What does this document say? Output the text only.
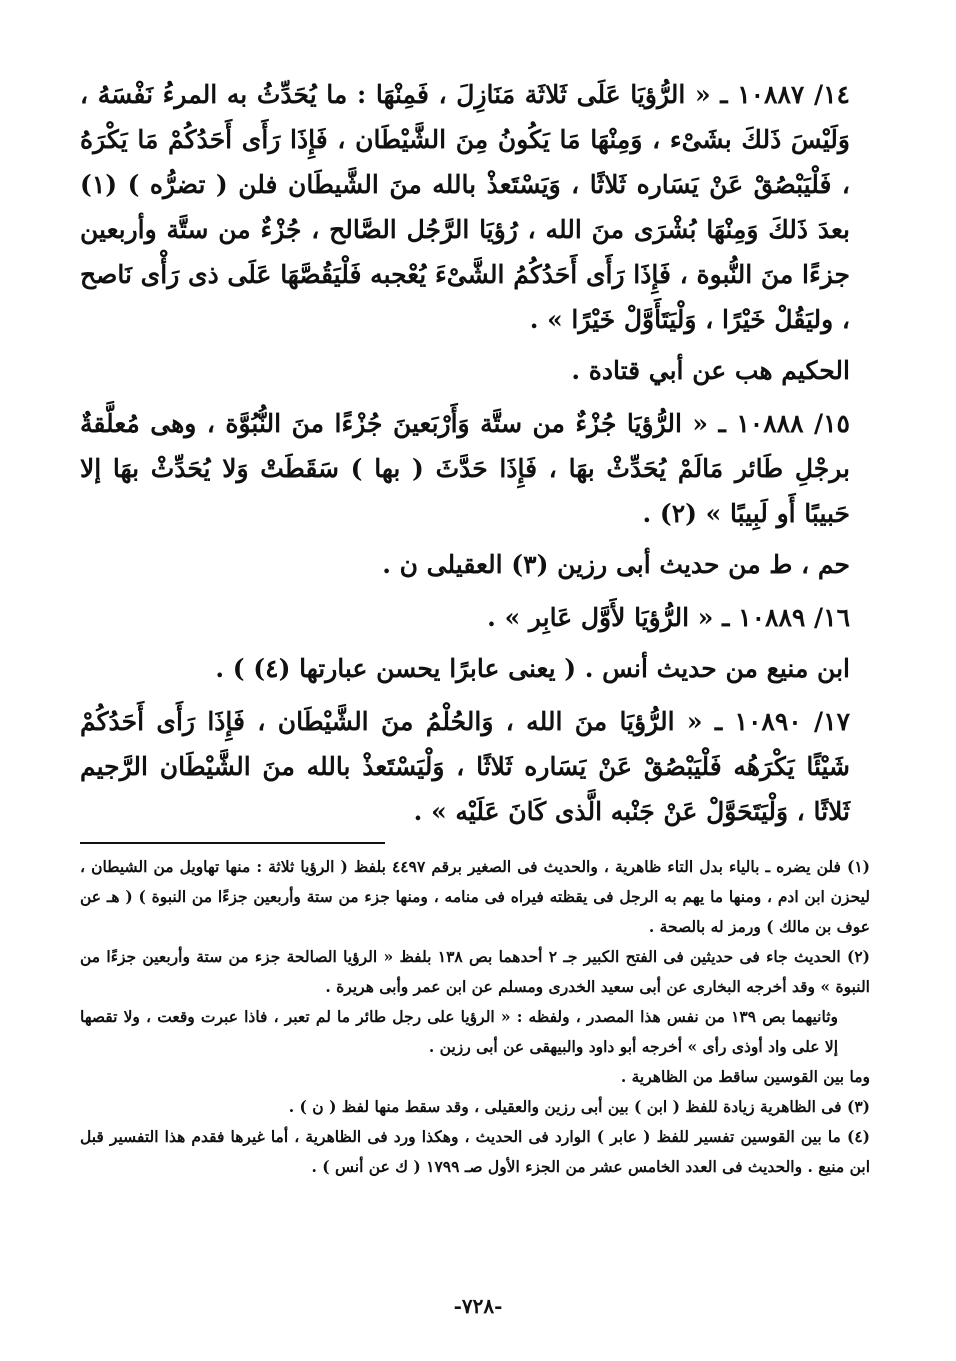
١٤/ ١٠٨٨٧ ـ « الرُّؤيَا عَلَى ثَلاثَة مَنَازِلَ ، فَمِنْهَا : ما يُحَدِّثُ به المرءُ نَفْسَهُ ، وَلَيْسَ ذَلكَ بشَىْء ، وَمِنْهَا مَا يَكُونُ مِنَ الشَّيْطَان ، فَإِذَا رَأَى أَحَدُكُمْ مَا يَكْرَهُ ، فَلْيَبْصُقْ عَنْ يَسَاره ثَلاثًا ، وَيَسْتَعذْ بالله منَ الشَّيطَان فلن ( تضرُّه ) (١) بعدَ ذَلكَ وَمِنْهَا بُشْرَى منَ الله ، رُؤيَا الرَّجُل الصَّالح ، جُزْءٌ من ستَّة وأربعين جزءًا منَ النُّبوة ، فَإِذَا رَأَى أَحَدُكُمُ الشَّىْءَ يُعْجبه فَلْيَقُصَّهَا عَلَى ذى رَأْى نَاصح ، وليَقُلْ خَيْرًا ، وَلْيَتَأَوَّلْ خَيْرًا » .

الحكيم هب عن أبي قتادة .

١٥/ ١٠٨٨٨ ـ « الرُّؤيَا جُزْءٌ من ستَّة وَأَرْبَعينَ جُزْءًا منَ النُّبُوَّة ، وهى مُعلَّقةٌ برجْلِ طَائر مَالَمْ يُحَدِّثْ بهَا ، فَإِذَا حَدَّثَ ( بها ) سَقَطَتْ وَلا يُحَدِّثْ بهَا إلا حَبيبًا أَو لَبِيبًا » (٢) .

حم ، ط من حديث أبى رزين (٣) العقيلى ن .

١٦/ ١٠٨٨٩ ـ « الرُّؤيَا لأَوَّل عَابِر » .

ابن منيع من حديث أنس . ( يعنى عابرًا يحسن عبارتها (٤) ) .

١٧/ ١٠٨٩٠ ـ « الرُّؤيَا منَ الله ، وَالحُلْمُ منَ الشَّيْطَان ، فَإِذَا رَأَى أَحَدُكُمْ شَيْئًا يَكْرَهُه فَلْيَبْصُقْ عَنْ يَسَاره ثَلاثًا ، وَلْيَسْتَعذْ بالله منَ الشَّيْطَان الرَّجيم ثَلاثًا ، وَلْيَتَحَوَّلْ عَنْ جَنْبه الَّذى كَانَ عَلَيْه » .

(١) فلن يضره ـ بالياء بدل التاء ظاهرية ، والحديث فى الصغير برقم ٤٤٩٧ بلفظ ( الرؤيا ثلاثة : منها تهاويل من الشيطان ، ليحزن ابن ادم ، ومنها ما يهم به الرجل فى يقظته فيراه فى منامه ، ومنها جزء من ستة وأربعين جزءًا من النبوة ) ( هـ عن عوف بن مالك ) ورمز له بالصحة .

(٢) الحديث جاء فى حديثين فى الفتح الكبير جـ ٢ أحدهما بص ١٣٨ بلفظ « الرؤيا الصالحة جزء من ستة وأربعين جزءًا من النبوة » وقد أخرجه البخارى عن أبى سعيد الخدرى ومسلم عن ابن عمر وأبى هريرة .

وثانيهما بص ١٣٩ من نفس هذا المصدر ، ولفظه : « الرؤيا على رجل طائر ما لم تعبر ، فاذا عبرت وقعت ، ولا تقصها إلا على واد أوذى رأى » أخرجه أبو داود والبيهقى عن أبى رزين .

وما بين القوسين ساقط من الظاهرية .

(٣) فى الظاهرية زيادة للفظ ( ابن ) بين أبى رزين والعقيلى ، وقد سقط منها لفظ ( ن ) .

(٤) ما بين القوسين تفسير للفظ ( عابر ) الوارد فى الحديث ، وهكذا ورد فى الظاهرية ، أما غيرها فقدم هذا التفسير قبل ابن منيع . والحديث فى العدد الخامس عشر من الجزء الأول صـ ١٧٩٩ ( ك عن أنس ) .

-٧٢٨-
